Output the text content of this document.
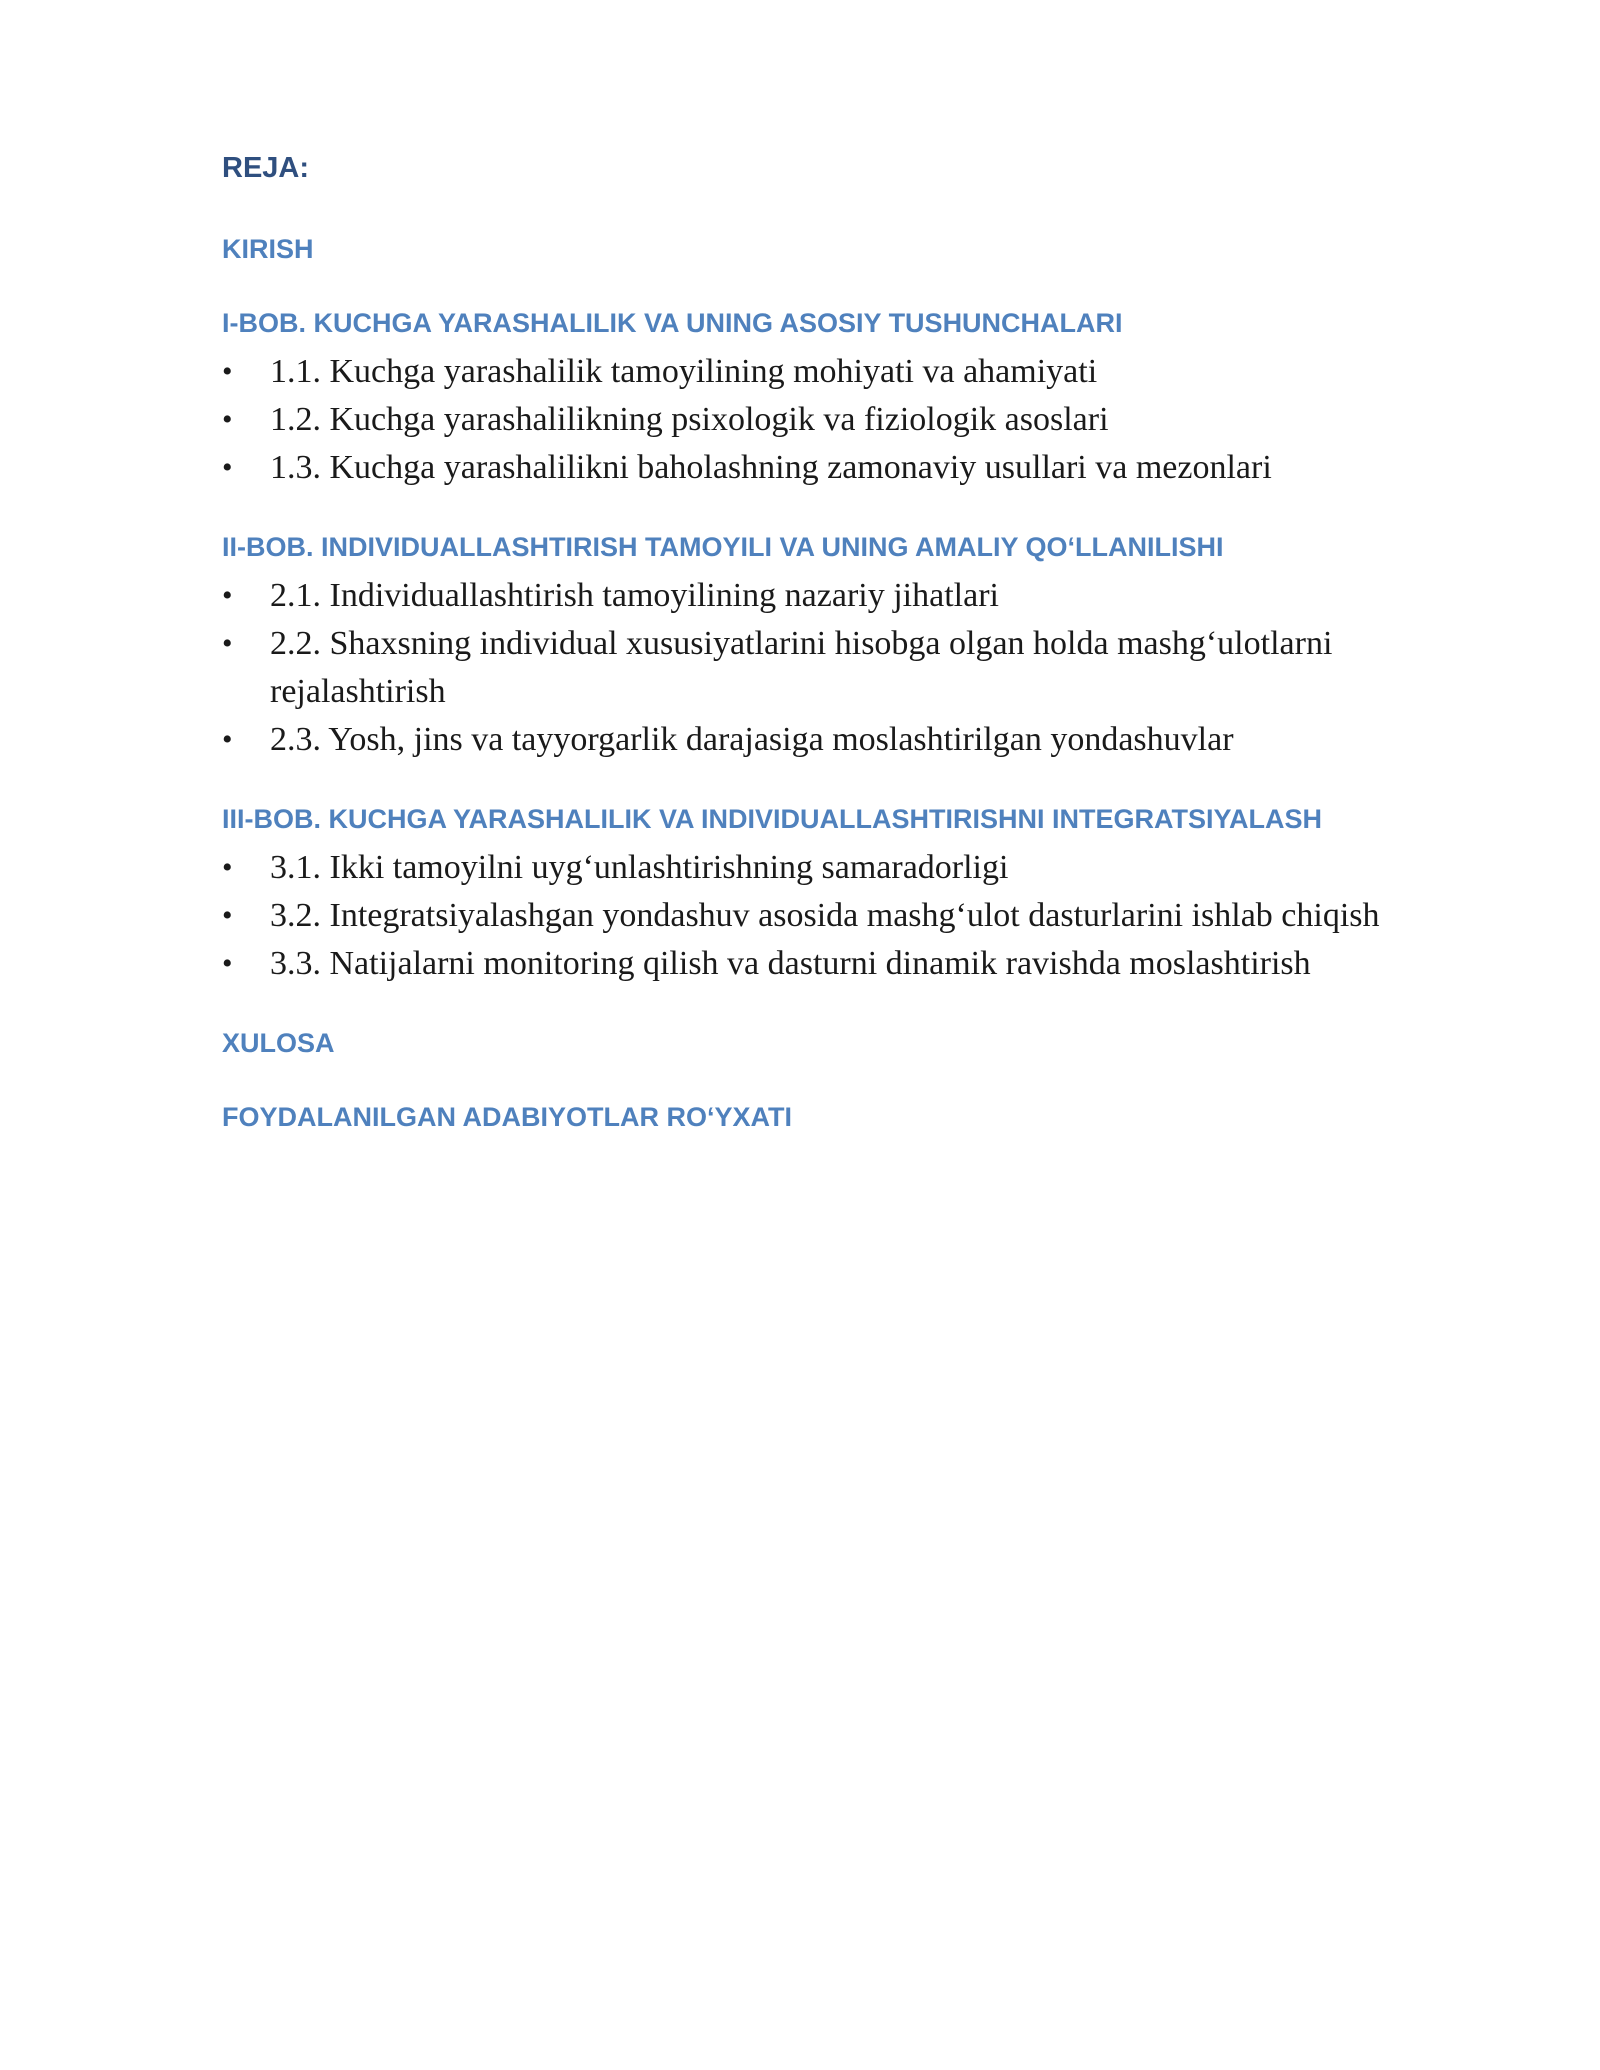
REJA:
KIRISH
I-BOB. KUCHGA YARASHALILIK VA UNING ASOSIY TUSHUNCHALARI
•	1.1. Kuchga yarashalilik tamoyilining mohiyati va ahamiyati
•	1.2. Kuchga yarashalilikning psixologik va fiziologik asoslari
•	1.3. Kuchga yarashalilikni baholashning zamonaviy usullari va mezonlari
II-BOB. INDIVIDUALLASHTIRISH TAMOYILI VA UNING AMALIY QO‘LLANILISHI
•	2.1. Individuallashtirish tamoyilining nazariy jihatlari
•	2.2. Shaxsning individual xususiyatlarini hisobga olgan holda mashg‘ulotlarni rejalashtirish
•	2.3. Yosh, jins va tayyorgarlik darajasiga moslashtirilgan yondashuvlar
III-BOB. KUCHGA YARASHALILIK VA INDIVIDUALLASHTIRISHNI INTEGRATSIYALASH
•	3.1. Ikki tamoyilni uyg‘unlashtirishning samaradorligi
•	3.2. Integratsiyalashgan yondashuv asosida mashg‘ulot dasturlarini ishlab chiqish
•	3.3. Natijalarni monitoring qilish va dasturni dinamik ravishda moslashtirish
XULOSA
FOYDALANILGAN ADABIYOTLAR RO‘YXATI
